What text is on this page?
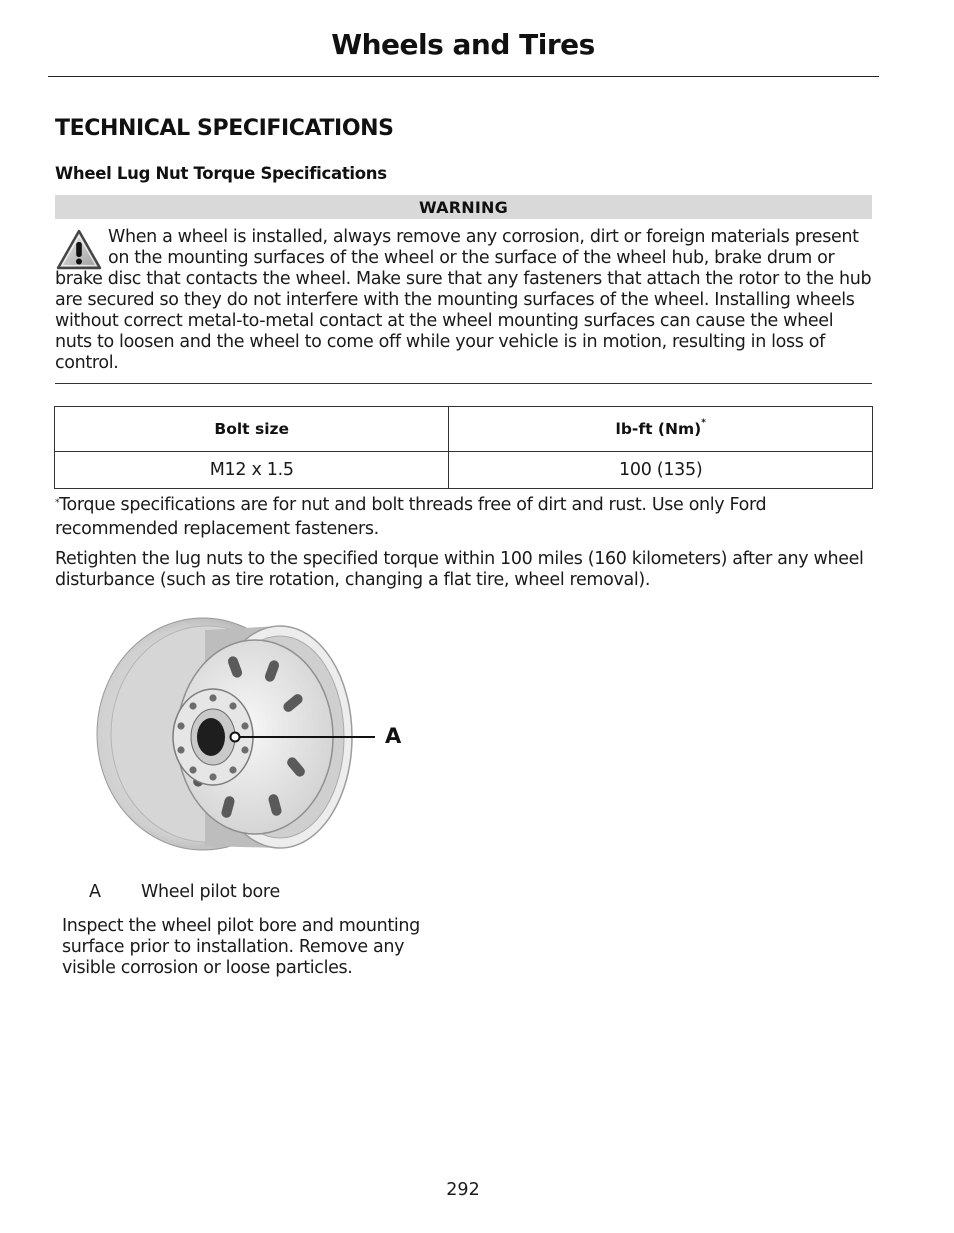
Wheels and Tires
TECHNICAL SPECIFICATIONS
Wheel Lug Nut Torque Specifications
WARNING
When a wheel is installed, always remove any corrosion, dirt or foreign materials present on the mounting surfaces of the wheel or the surface of the wheel hub, brake drum or brake disc that contacts the wheel. Make sure that any fasteners that attach the rotor to the hub are secured so they do not interfere with the mounting surfaces of the wheel. Installing wheels without correct metal-to-metal contact at the wheel mounting surfaces can cause the wheel nuts to loosen and the wheel to come off while your vehicle is in motion, resulting in loss of control.
Bolt size	lb-ft (Nm)*
M12 x 1.5	100 (135)
*Torque specifications are for nut and bolt threads free of dirt and rust. Use only Ford recommended replacement fasteners.
Retighten the lug nuts to the specified torque within 100 miles (160 kilometers) after any wheel disturbance (such as tire rotation, changing a flat tire, wheel removal).
A
A Wheel pilot bore
Inspect the wheel pilot bore and mounting surface prior to installation. Remove any visible corrosion or loose particles.
292
